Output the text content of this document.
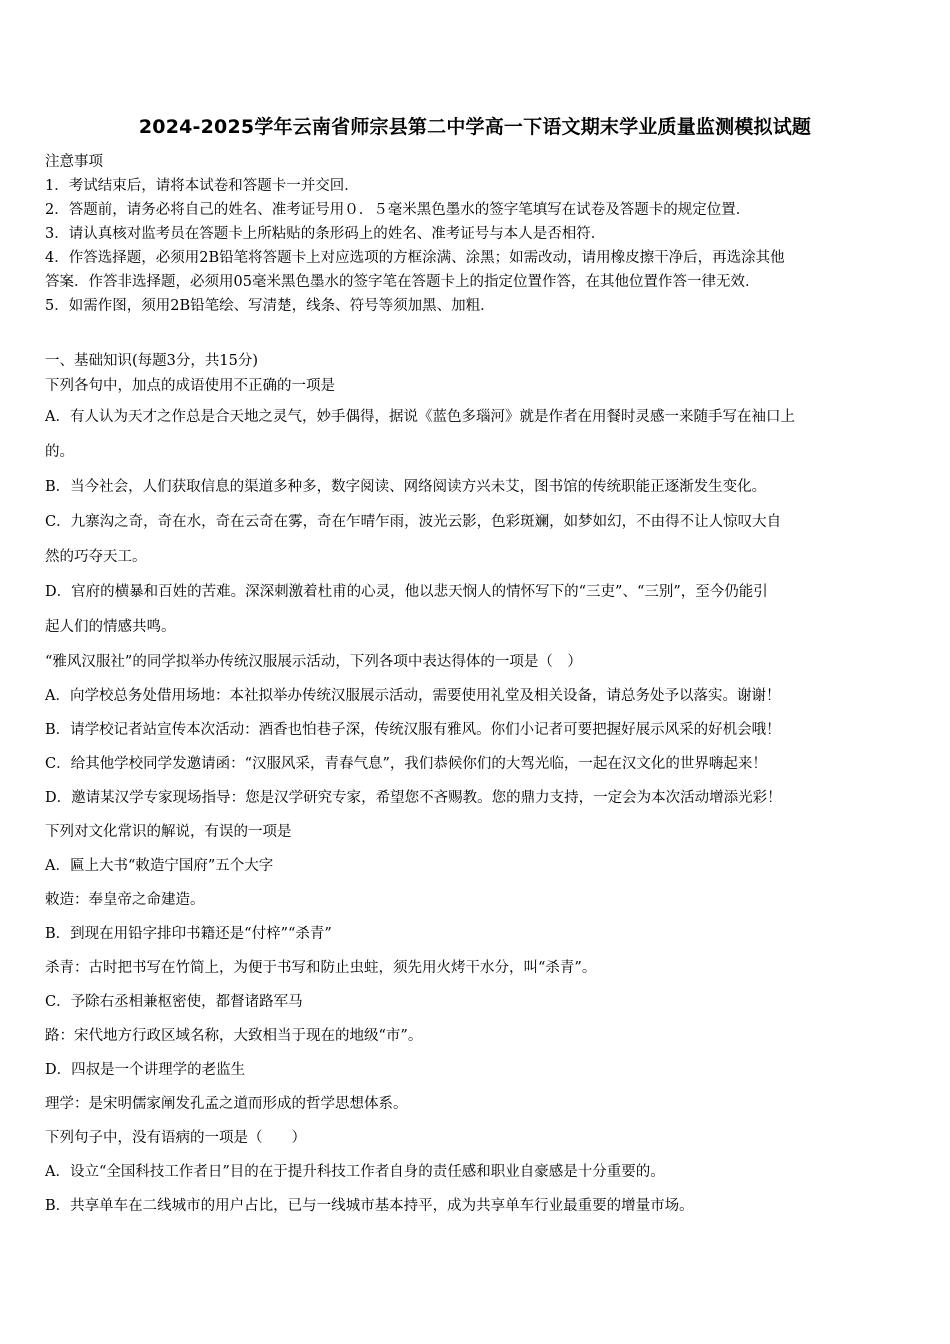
2024-2025学年云南省师宗县第二中学高一下语文期末学业质量监测模拟试题
注意事项
1．考试结束后，请将本试卷和答题卡一并交回．
2．答题前，请务必将自己的姓名、准考证号用０．５毫米黑色墨水的签字笔填写在试卷及答题卡的规定位置．
3．请认真核对监考员在答题卡上所粘贴的条形码上的姓名、准考证号与本人是否相符．
4．作答选择题，必须用2B铅笔将答题卡上对应选项的方框涂满、涂黑；如需改动，请用橡皮擦干净后，再选涂其他
答案．作答非选择题，必须用05毫米黑色墨水的签字笔在答题卡上的指定位置作答，在其他位置作答一律无效．
5．如需作图，须用2B铅笔绘、写清楚，线条、符号等须加黑、加粗．
一、基础知识(每题3分，共15分)
下列各句中，加点的成语使用不正确的一项是
A．有人认为天才之作总是合天地之灵气，妙手偶得，据说《蓝色多瑙河》就是作者在用餐时灵感一来随手写在袖口上
的。
B．当今社会，人们获取信息的渠道多种多，数字阅读、网络阅读方兴未艾，图书馆的传统职能正逐渐发生变化。
C．九寨沟之奇，奇在水，奇在云奇在雾，奇在乍晴乍雨，波光云影，色彩斑斓，如梦如幻，不由得不让人惊叹大自
然的巧夺天工。
D．官府的横暴和百姓的苦难。深深刺激着杜甫的心灵，他以悲天悯人的情怀写下的“三吏”、“三别”，至今仍能引
起人们的情感共鸣。
“雅风汉服社”的同学拟举办传统汉服展示活动，下列各项中表达得体的一项是（　）
A．向学校总务处借用场地：本社拟举办传统汉服展示活动，需要使用礼堂及相关设备，请总务处予以落实。谢谢！
B．请学校记者站宣传本次活动：酒香也怕巷子深，传统汉服有雅风。你们小记者可要把握好展示风采的好机会哦！
C．给其他学校同学发邀请函：“汉服风采，青春气息”，我们恭候你们的大驾光临，一起在汉文化的世界嗨起来！
D．邀请某汉学专家现场指导：您是汉学研究专家，希望您不吝赐教。您的鼎力支持，一定会为本次活动增添光彩！
下列对文化常识的解说，有误的一项是
A．匾上大书“敕造宁国府”五个大字
敕造：奉皇帝之命建造。
B．到现在用铅字排印书籍还是“付梓”“杀青”
杀青：古时把书写在竹简上，为便于书写和防止虫蛀，须先用火烤干水分，叫“杀青”。
C．予除右丞相兼枢密使，都督诸路军马
路：宋代地方行政区域名称，大致相当于现在的地级“市”。
D．四叔是一个讲理学的老监生
理学：是宋明儒家阐发孔孟之道而形成的哲学思想体系。
下列句子中，没有语病的一项是（　　）
A．设立“全国科技工作者日”目的在于提升科技工作者自身的责任感和职业自豪感是十分重要的。
B．共享单车在二线城市的用户占比，已与一线城市基本持平，成为共享单车行业最重要的增量市场。
